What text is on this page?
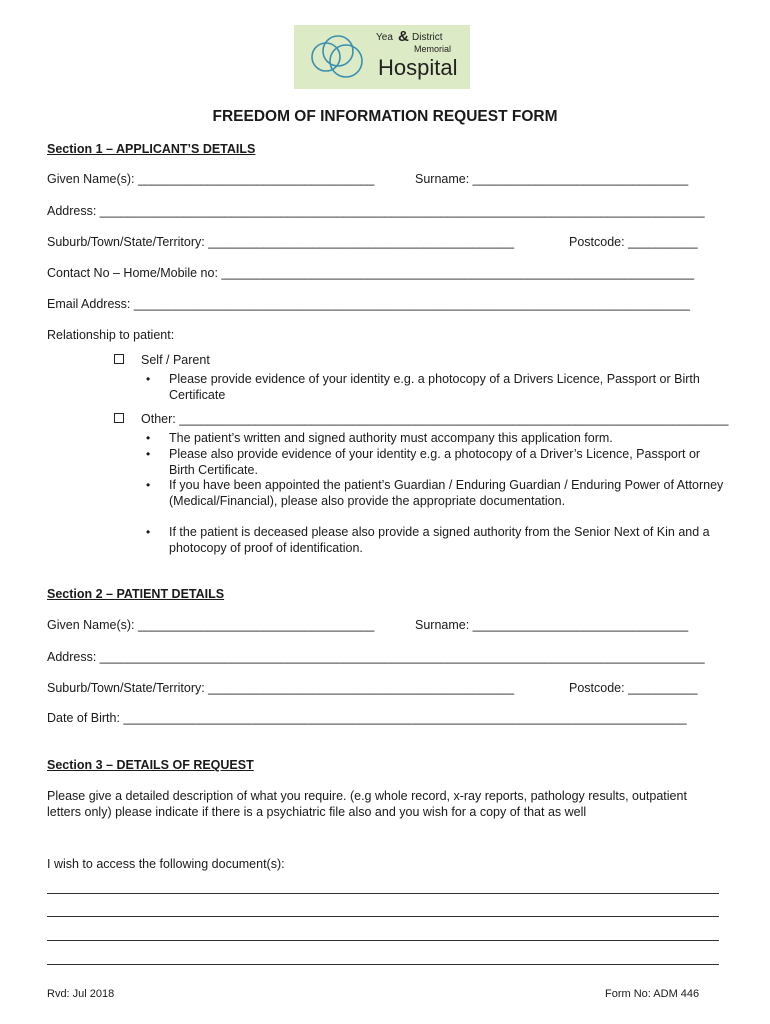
Yea & District
Memorial
Hospital
FREEDOM OF INFORMATION REQUEST FORM
Section 1 – APPLICANT’S DETAILS
Given Name(s): __________________________________	Surname: _______________________________
Address: _______________________________________________________________________________________
Suburb/Town/State/Territory: ____________________________________________	Postcode: __________
Contact No – Home/Mobile no: ____________________________________________________________________
Email Address: ________________________________________________________________________________
Relationship to patient:
Self / Parent
• Please provide evidence of your identity e.g. a photocopy of a Drivers Licence, Passport or Birth Certificate
Other: _______________________________________________________________________________
• The patient’s written and signed authority must accompany this application form.
• Please also provide evidence of your identity e.g. a photocopy of a Driver’s Licence, Passport or Birth Certificate.
• If you have been appointed the patient’s Guardian / Enduring Guardian / Enduring Power of Attorney (Medical/Financial), please also provide the appropriate documentation.
• If the patient is deceased please also provide a signed authority from the Senior Next of Kin and a photocopy of proof of identification.
Section 2 – PATIENT DETAILS
Given Name(s): __________________________________	Surname: _______________________________
Address: _______________________________________________________________________________________
Suburb/Town/State/Territory: ____________________________________________	Postcode: __________
Date of Birth: _________________________________________________________________________________
Section 3 – DETAILS OF REQUEST
Please give a detailed description of what you require. (e.g whole record, x-ray reports, pathology results, outpatient letters only) please indicate if there is a psychiatric file also and you wish for a copy of that as well
I wish to access the following document(s):
Rvd: Jul 2018	Form No: ADM 446
